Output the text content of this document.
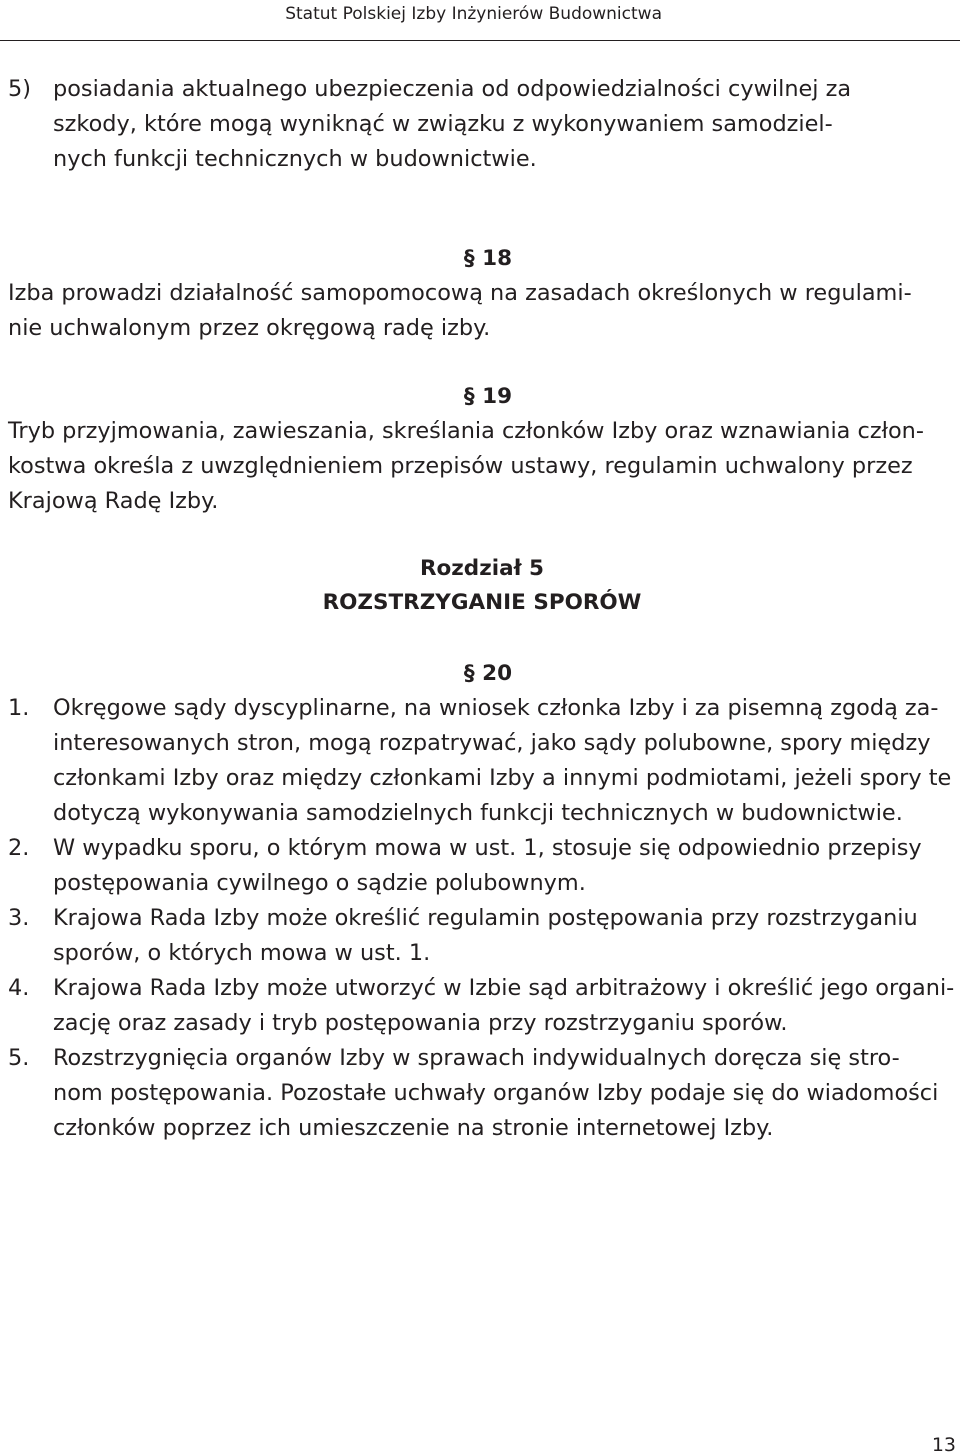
Statut Polskiej Izby Inżynierów Budownictwa
5) posiadania aktualnego ubezpieczenia od odpowiedzialności cywilnej za
szkody, które mogą wyniknąć w związku z wykonywaniem samodziel-
nych funkcji technicznych w budownictwie.
§ 18
Izba prowadzi działalność samopomocową na zasadach określonych w regulami-
nie uchwalonym przez okręgową radę izby.
§ 19
Tryb przyjmowania, zawieszania, skreślania członków Izby oraz wznawiania człon-
kostwa określa z uwzględnieniem przepisów ustawy, regulamin uchwalony przez
Krajową Radę Izby.
Rozdział 5
ROZSTRZYGANIE SPORÓW
§ 20
1.	Okręgowe sądy dyscyplinarne, na wniosek członka Izby i za pisemną zgodą za-
interesowanych stron, mogą rozpatrywać, jako sądy polubowne, spory między
członkami Izby oraz między członkami Izby a innymi podmiotami, jeżeli spory te
dotyczą wykonywania samodzielnych funkcji technicznych w budownictwie.
2.	W wypadku sporu, o którym mowa w ust. 1, stosuje się odpowiednio przepisy
postępowania cywilnego o sądzie polubownym.
3.	Krajowa Rada Izby może określić regulamin postępowania przy rozstrzyganiu
sporów, o których mowa w ust. 1.
4.	Krajowa Rada Izby może utworzyć w Izbie sąd arbitrażowy i określić jego organi-
zację oraz zasady i tryb postępowania przy rozstrzyganiu sporów.
5.	Rozstrzygnięcia organów Izby w sprawach indywidualnych doręcza się stro-
nom postępowania. Pozostałe uchwały organów Izby podaje się do wiadomości
członków poprzez ich umieszczenie na stronie internetowej Izby.
13
